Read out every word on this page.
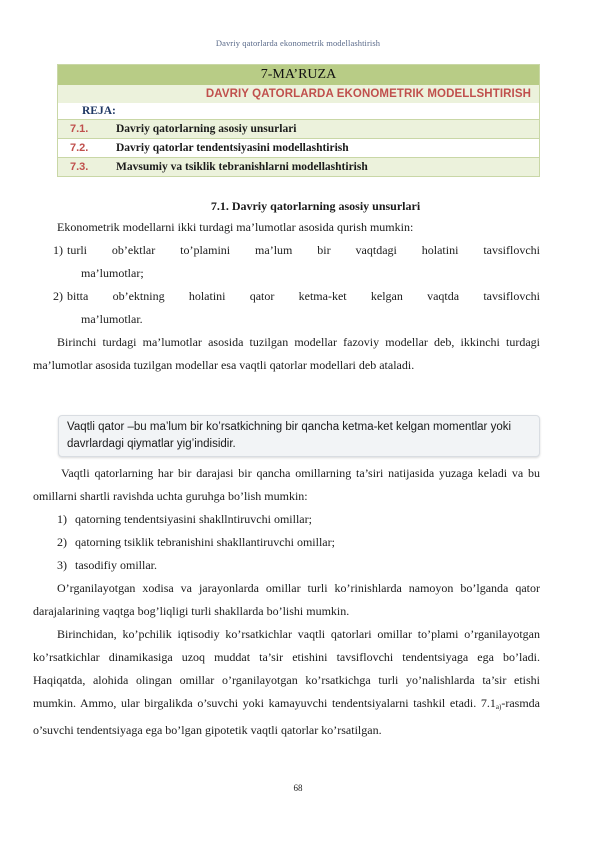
Davriy qatorlarda ekonometrik modellashtirish
7-MA’RUZA
DAVRIY QATORLARDA EKONOMETRIK MODELLSHTIRISH
REJA:
7.1.	Davriy qatorlarning asosiy unsurlari
7.2.	Davriy qatorlar tendentsiyasini modellashtirish
7.3.	Mavsumiy va tsiklik tebranishlarni modellashtirish

7.1. Davriy qatorlarning asosiy unsurlari

Ekonometrik modellarni ikki turdagi ma’lumotlar asosida qurish mumkin:

1) turli ob’ektlar to’plamini ma’lum bir vaqtdagi holatini tavsiflovchi

ma’lumotlar;

2) bitta ob’ektning holatini qator ketma-ket kelgan vaqtda tavsiflovchi

ma’lumotlar.

Birinchi turdagi ma’lumotlar asosida tuzilgan modellar fazoviy modellar deb, ikkinchi turdagi ma’lumotlar asosida tuzilgan modellar esa vaqtli qatorlar modellari deb ataladi.

Vaqtli qator –bu ma’lum bir ko’rsatkichning bir qancha ketma-ket kelgan momentlar yoki davrlardagi qiymatlar yig’indisidir.

Vaqtli qatorlarning har bir darajasi bir qancha omillarning ta’siri natijasida yuzaga keladi va bu omillarni shartli ravishda uchta guruhga bo’lish mumkin:

1) qatorning tendentsiyasini shakllntiruvchi omillar;

2) qatorning tsiklik tebranishini shakllantiruvchi omillar;

3) tasodifiy omillar.

O’rganilayotgan xodisa va jarayonlarda omillar turli ko’rinishlarda namoyon bo’lganda qator darajalarining vaqtga bog’liqligi turli shakllarda bo’lishi mumkin.

Birinchidan, ko’pchilik iqtisodiy ko’rsatkichlar vaqtli qatorlari omillar to’plami o’rganilayotgan ko’rsatkichlar dinamikasiga uzoq muddat ta’sir etishini tavsiflovchi tendentsiyaga ega bo’ladi. Haqiqatda, alohida olingan omillar o’rganilayotgan ko’rsatkichga turli yo’nalishlarda ta’sir etishi mumkin. Ammo, ular birgalikda o’suvchi yoki kamayuvchi tendentsiyalarni tashkil etadi. $7.1_{a)}$-rasmda o’suvchi tendentsiyaga ega bo’lgan gipotetik vaqtli qatorlar ko’rsatilgan.

68
